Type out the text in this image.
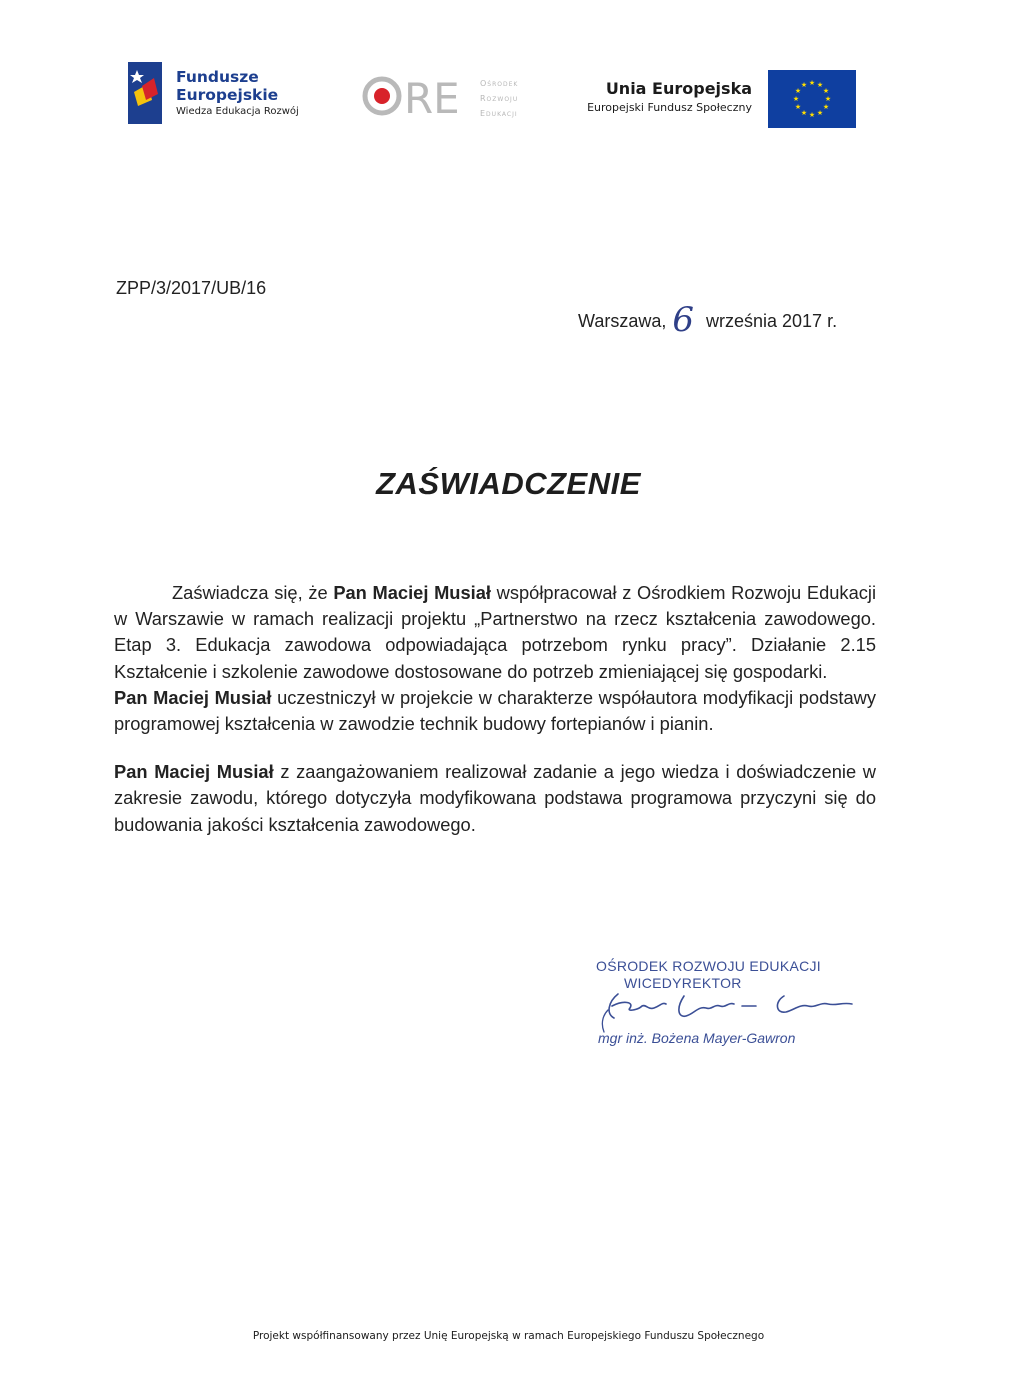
Fundusze
Europejskie
Wiedza Edukacja Rozwój	RE	Ośrodek
Rozwoju
Edukacji
Unia Europejska
Europejski Fundusz Społeczny
★ ★
★
★
★
★
★
★
★
★
★
★
ZPP/3/2017/UB/16
Warszawa, 6 września 2017 r.
ZAŚWIADCZENIE

Zaświadcza się, że Pan Maciej Musiał współpracował z Ośrodkiem Rozwoju Edukacji w Warszawie w ramach realizacji projektu „Partnerstwo na rzecz kształcenia zawodowego. Etap 3. Edukacja zawodowa odpowiadająca potrzebom rynku pracy”. Działanie 2.15 Kształcenie i szkolenie zawodowe dostosowane do potrzeb zmieniającej się gospodarki.

Pan Maciej Musiał uczestniczył w projekcie w charakterze współautora modyfikacji podstawy programowej kształcenia w zawodzie technik budowy fortepianów i pianin.

Pan Maciej Musiał z zaangażowaniem realizował zadanie a jego wiedza i doświadczenie w zakresie zawodu, którego dotyczyła modyfikowana podstawa programowa przyczyni się do budowania jakości kształcenia zawodowego.

OŚRODEK ROZWOJU EDUKACJI
WICEDYREKTOR
mgr inż. Bożena Mayer-Gawron
Projekt współfinansowany przez Unię Europejską w ramach Europejskiego Funduszu Społecznego
